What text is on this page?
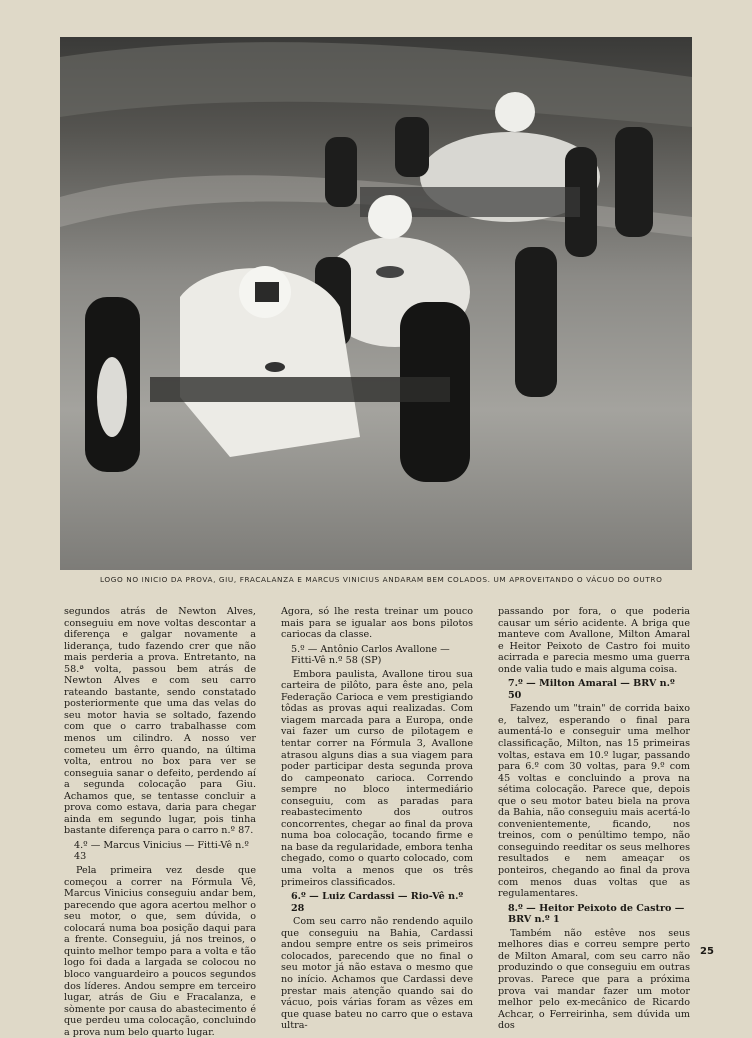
LOGO NO INICIO DA PROVA, GIU, FRACALANZA E MARCUS VINICIUS ANDARAM BEM COLADOS. UM APROVEITANDO O VÁCUO DO OUTRO

segundos atrás de Newton Alves, conseguiu em nove voltas descontar a diferença e galgar novamente a liderança, tudo fazendo crer que não mais perderia a prova. Entretanto, na 58.ª volta, passou bem atrás de Newton Alves e com seu carro rateando bastante, sendo constatado posteriormente que uma das velas do seu motor havia se soltado, fazendo com que o carro trabalhasse com menos um cilindro. A nosso ver cometeu um êrro quando, na última volta, entrou no box para ver se conseguia sanar o defeito, perdendo aí a segunda colocação para Giu. Achamos que, se tentasse concluir a prova como estava, daria para chegar ainda em segundo lugar, pois tinha bastante diferença para o carro n.º 87.

4.º — Marcus Vinicius — Fitti-Vê n.º 43

Pela primeira vez desde que começou a correr na Fórmula Vê, Marcus Vinicius conseguiu andar bem, parecendo que agora acertou melhor o seu motor, o que, sem dúvida, o colocará numa boa posição daqui para a frente. Conseguiu, já nos treinos, o quinto melhor tempo para a volta e tão logo foi dada a largada se colocou no bloco vanguardeiro a poucos segundos dos líderes. Andou sempre em terceiro lugar, atrás de Giu e Fracalanza, e sòmente por causa do abastecimento é que perdeu uma colocação, concluindo a prova num belo quarto lugar.

Agora, só lhe resta treinar um pouco mais para se igualar aos bons pilotos cariocas da classe.

5.º — Antônio Carlos Avallone — Fitti-Vê n.º 58 (SP)

Embora paulista, Avallone tirou sua carteira de pilôto, para êste ano, pela Federação Carioca e vem prestigiando tôdas as provas aqui realizadas. Com viagem marcada para a Europa, onde vai fazer um curso de pilotagem e tentar correr na Fórmula 3, Avallone atrasou alguns dias a sua viagem para poder participar desta segunda prova do campeonato carioca. Correndo sempre no bloco intermediário conseguiu, com as paradas para reabastecimento dos outros concorrentes, chegar ao final da prova numa boa colocação, tocando firme e na base da regularidade, embora tenha chegado, como o quarto colocado, com uma volta a menos que os três primeiros classificados.

6.º — Luiz Cardassi — Rio-Vê n.º 28

Com seu carro não rendendo aquilo que conseguiu na Bahia, Cardassi andou sempre entre os seis primeiros colocados, parecendo que no final o seu motor já não estava o mesmo que no início. Achamos que Cardassi deve prestar mais atenção quando sai do vácuo, pois várias foram as vêzes em que quase bateu no carro que o estava ultra-

passando por fora, o que poderia causar um sério acidente. A briga que manteve com Avallone, Milton Amaral e Heitor Peixoto de Castro foi muito acirrada e parecia mesmo uma guerra onde valia tudo e mais alguma coisa.

7.º — Milton Amaral — BRV n.º 50

Fazendo um "train" de corrida baixo e, talvez, esperando o final para aumentá-lo e conseguir uma melhor classificação, Milton, nas 15 primeiras voltas, estava em 10.º lugar, passando para 6.º com 30 voltas, para 9.º com 45 voltas e concluindo a prova na sétima colocação. Parece que, depois que o seu motor bateu biela na prova da Bahia, não conseguiu mais acertá-lo convenientemente, ficando, nos treinos, com o penúltimo tempo, não conseguindo reeditar os seus melhores resultados e nem ameaçar os ponteiros, chegando ao final da prova com menos duas voltas que as regulamentares.

8.º — Heitor Peixoto de Castro — BRV n.º 1

Também não estêve nos seus melhores dias e correu sempre perto de Milton Amaral, com seu carro não produzindo o que conseguiu em outras provas. Parece que para a próxima prova vai mandar fazer um motor melhor pelo ex-mecânico de Ricardo Achcar, o Ferreirinha, sem dúvida um dos

25
